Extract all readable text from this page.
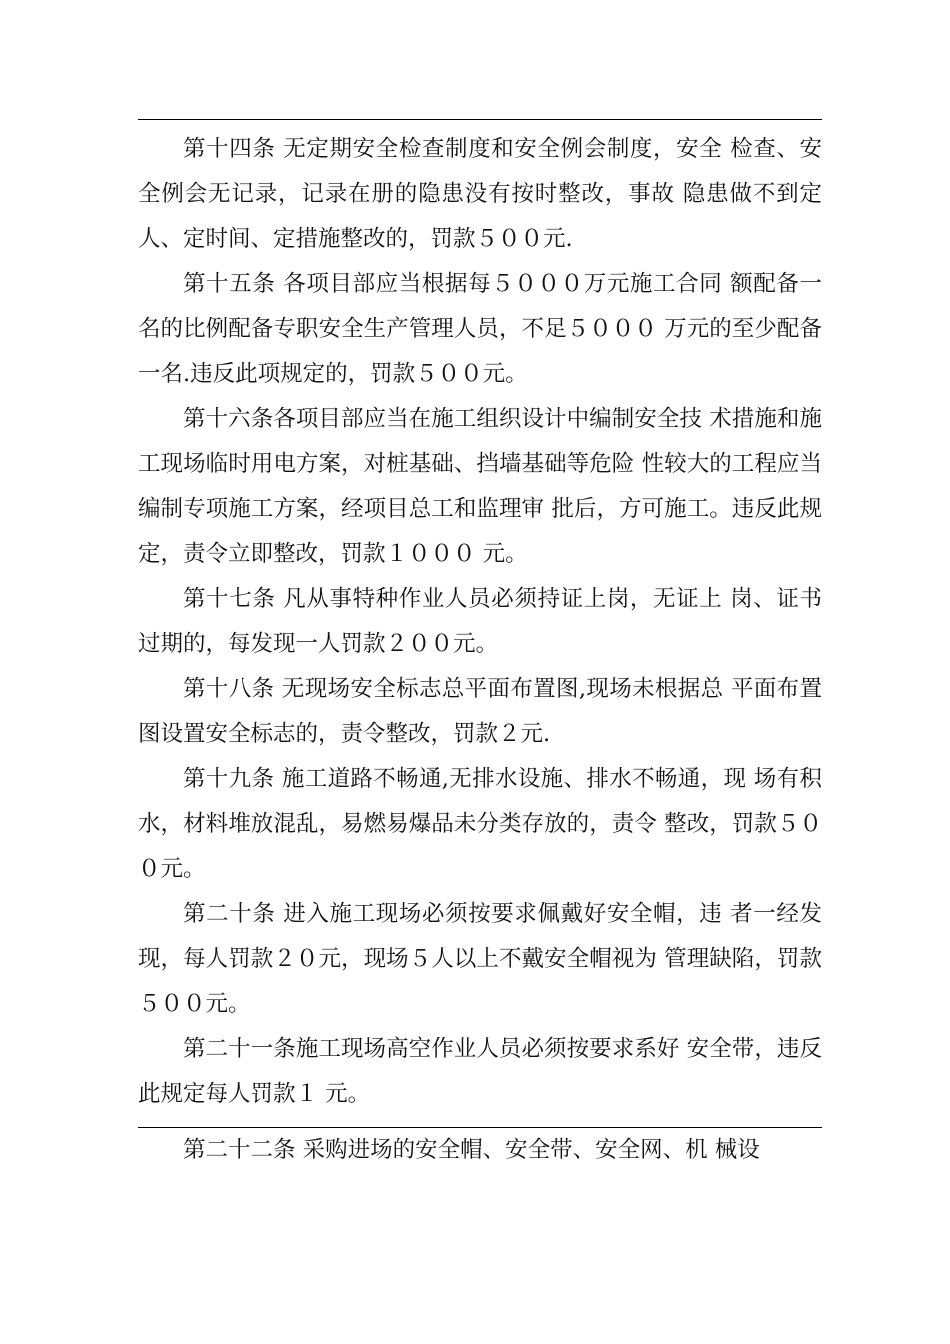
第十四条 无定期安全检查制度和安全例会制度，安全 检查、安全例会无记录，记录在册的隐患没有按时整改，事故 隐患做不到定人、定时间、定措施整改的，罚款５００元.

第十五条 各项目部应当根据每５０００万元施工合同 额配备一名的比例配备专职安全生产管理人员，不足５０００ 万元的至少配备一名.违反此项规定的，罚款５００元。

第十六条各项目部应当在施工组织设计中编制安全技 术措施和施工现场临时用电方案，对桩基础、挡墙基础等危险 性较大的工程应当编制专项施工方案，经项目总工和监理审 批后，方可施工。违反此规定，责令立即整改，罚款１０００ 元。

第十七条 凡从事特种作业人员必须持证上岗，无证上 岗、证书过期的，每发现一人罚款２００元。

第十八条 无现场安全标志总平面布置图,现场未根据总 平面布置图设置安全标志的，责令整改，罚款２元.

第十九条 施工道路不畅通,无排水设施、排水不畅通，现 场有积水，材料堆放混乱，易燃易爆品未分类存放的，责令 整改，罚款５００元。

第二十条 进入施工现场必须按要求佩戴好安全帽，违 者一经发现，每人罚款２０元，现场５人以上不戴安全帽视为 管理缺陷，罚款５００元。

第二十一条施工现场高空作业人员必须按要求系好 安全带，违反此规定每人罚款１ 元。

第二十二条 采购进场的安全帽、安全带、安全网、机 械设
